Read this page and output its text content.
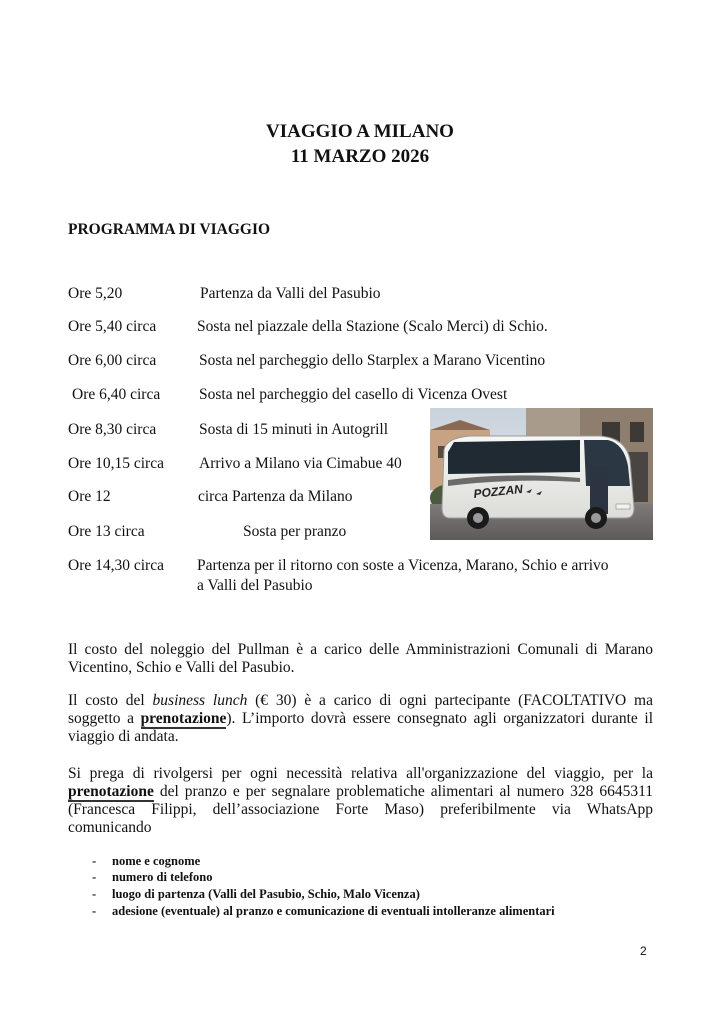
VIAGGIO A MILANO
11 MARZO 2026
PROGRAMMA DI VIAGGIO
Ore 5,20	Partenza da Valli del Pasubio
Ore 5,40 circa	Sosta nel piazzale della Stazione (Scalo Merci) di Schio.
Ore 6,00 circa	Sosta nel parcheggio dello Starplex a Marano Vicentino
Ore 6,40 circa	Sosta nel parcheggio del casello di Vicenza Ovest
Ore 8,30 circa	Sosta di 15 minuti in Autogrill
Ore 10,15 circa Arrivo a Milano via Cimabue 40
Ore 12	circa Partenza da Milano
Ore 13 circa	Sosta per pranzo
Ore 14,30 circa Partenza per il ritorno con soste a Vicenza, Marano, Schio e arrivo
a Valli del Pasubio
POZZAN
Il costo del noleggio del Pullman è a carico delle Amministrazioni Comunali di Marano Vicentino, Schio e Valli del Pasubio.
Il costo del business lunch (€ 30) è a carico di ogni partecipante (FACOLTATIVO ma soggetto a prenotazione). L’importo dovrà essere consegnato agli organizzatori durante il viaggio di andata.
Si prega di rivolgersi per ogni necessità relativa all'organizzazione del viaggio, per la prenotazione del pranzo e per segnalare problematiche alimentari al numero 328 6645311 (Francesca Filippi, dell’associazione Forte Maso) preferibilmente via WhatsApp comunicando
- nome e cognome
- numero di telefono
- luogo di partenza (Valli del Pasubio, Schio, Malo Vicenza)
- adesione (eventuale) al pranzo e comunicazione di eventuali intolleranze alimentari
2
